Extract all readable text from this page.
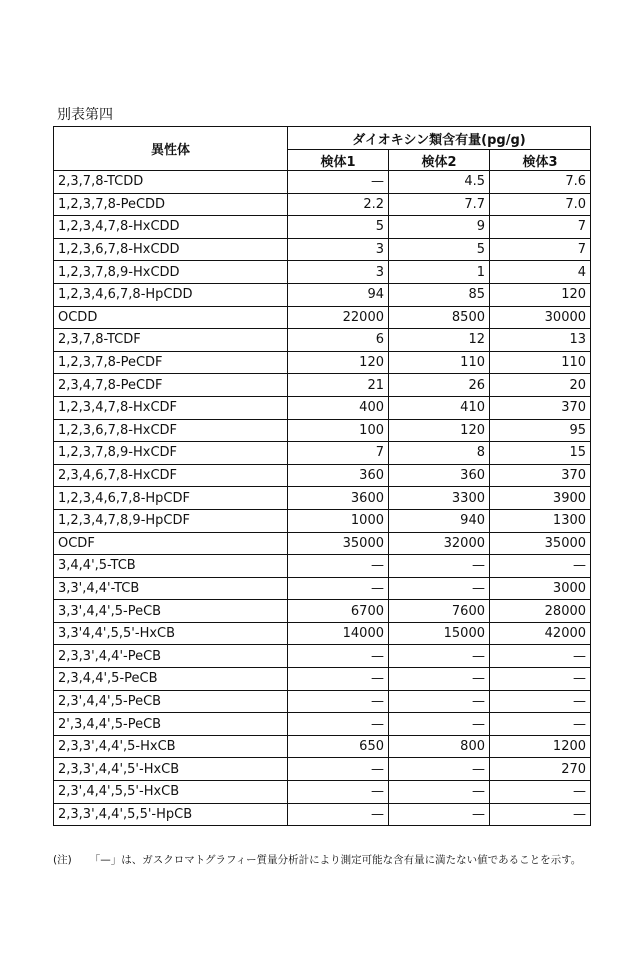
別表第四
異性体	ダイオキシン類含有量(pg/g)		
	検体1	検体2	検体3
2,3,7,8-TCDD	—	4.5	7.6
1,2,3,7,8-PeCDD	2.2	7.7	7.0
1,2,3,4,7,8-HxCDD	5	9	7
1,2,3,6,7,8-HxCDD	3	5	7
1,2,3,7,8,9-HxCDD	3	1	4
1,2,3,4,6,7,8-HpCDD	94	85	120
OCDD	22000	8500	30000
2,3,7,8-TCDF	6	12	13
1,2,3,7,8-PeCDF	120	110	110
2,3,4,7,8-PeCDF	21	26	20
1,2,3,4,7,8-HxCDF	400	410	370
1,2,3,6,7,8-HxCDF	100	120	95
1,2,3,7,8,9-HxCDF	7	8	15
2,3,4,6,7,8-HxCDF	360	360	370
1,2,3,4,6,7,8-HpCDF	3600	3300	3900
1,2,3,4,7,8,9-HpCDF	1000	940	1300
OCDF	35000	32000	35000
3,4,4',5-TCB	—	—	—
3,3',4,4'-TCB	—	—	3000
3,3',4,4',5-PeCB	6700	7600	28000
3,3'4,4',5,5'-HxCB	14000	15000	42000
2,3,3',4,4'-PeCB	—	—	—
2,3,4,4',5-PeCB	—	—	—
2,3',4,4',5-PeCB	—	—	—
2',3,4,4',5-PeCB	—	—	—
2,3,3',4,4',5-HxCB	650	800	1200
2,3,3',4,4',5'-HxCB	—	—	270
2,3',4,4',5,5'-HxCB	—	—	—
2,3,3',4,4',5,5'-HpCB	—	—	—
(注) 「—」は、ガスクロマトグラフィー質量分析計により測定可能な含有量に満たない値であることを示す。
